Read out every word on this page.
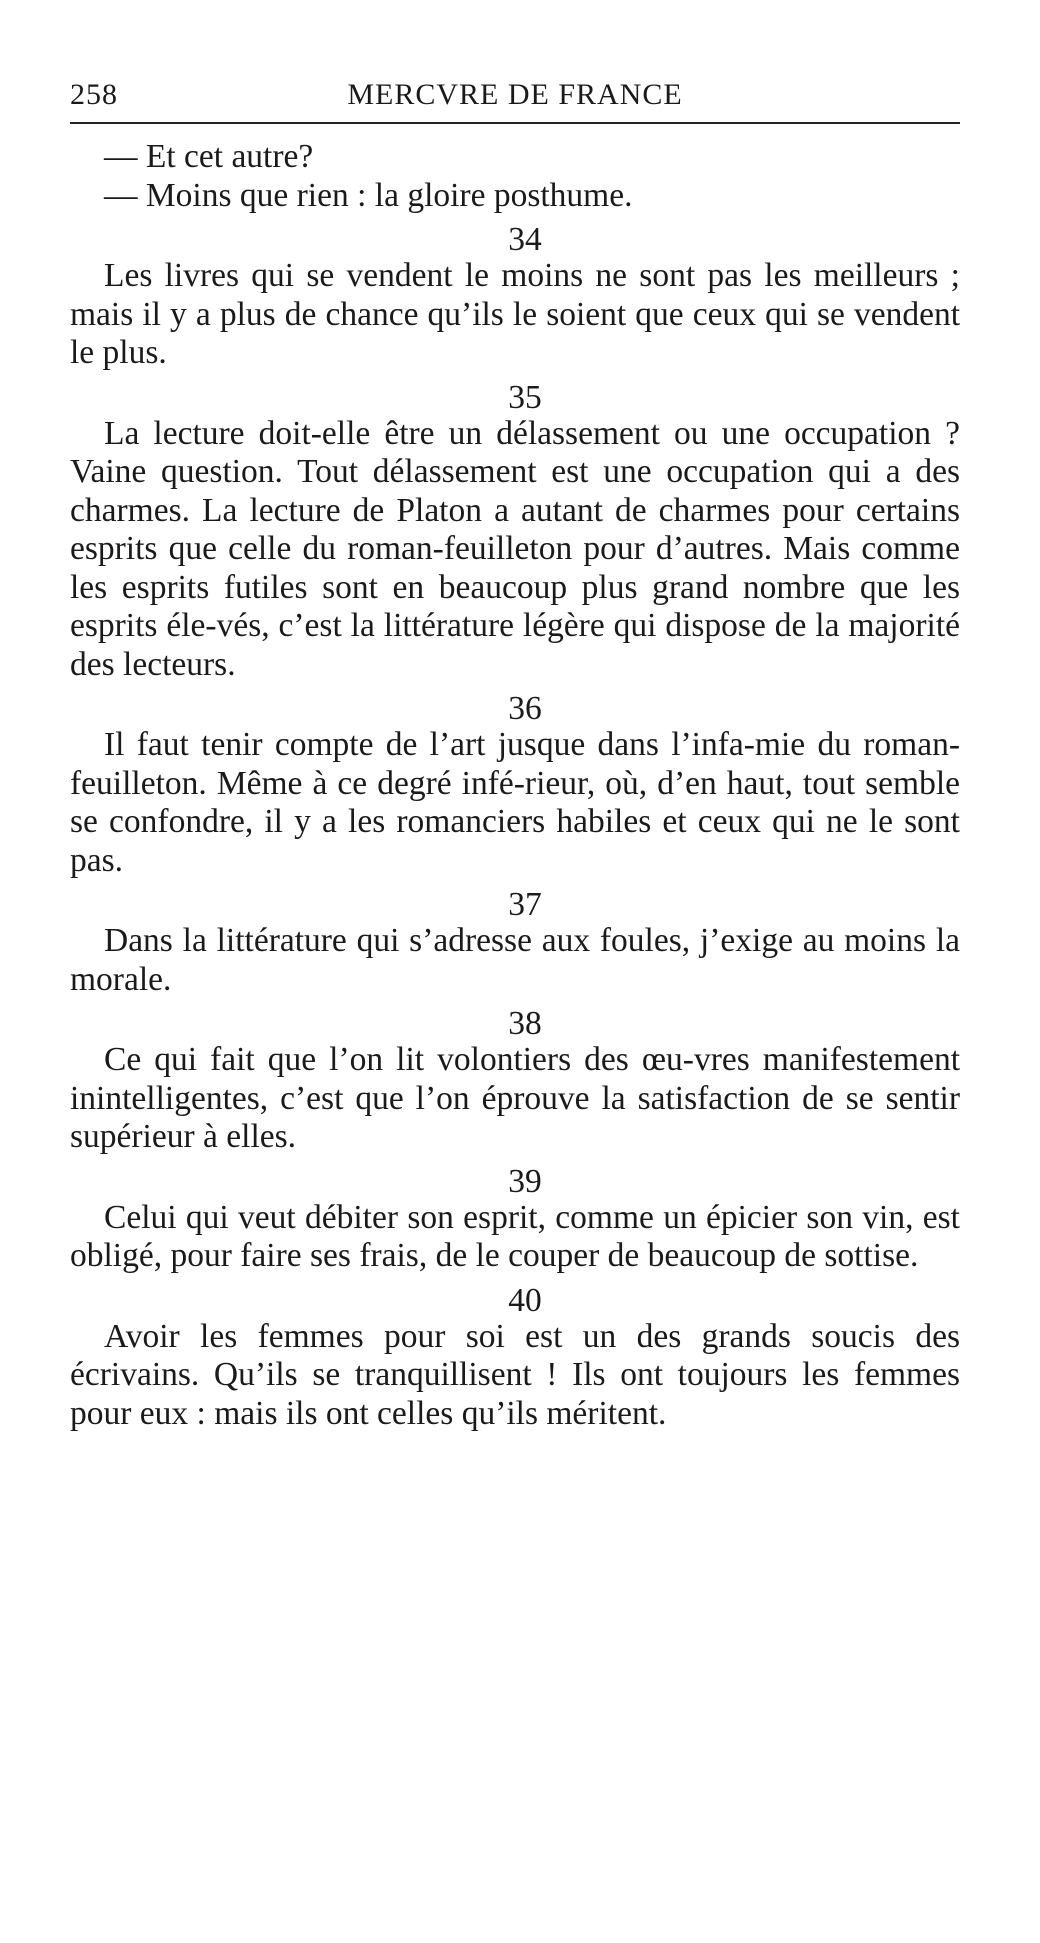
258	MERCVRE DE FRANCE

— Et cet autre?

— Moins que rien : la gloire posthume.

34

Les livres qui se vendent le moins ne sont pas les meilleurs ; mais il y a plus de chance qu’ils le soient que ceux qui se vendent le plus.

35

La lecture doit-elle être un délassement ou une occupation ? Vaine question. Tout délassement est une occupation qui a des charmes. La lecture de Platon a autant de charmes pour certains esprits que celle du roman-feuilleton pour d’autres. Mais comme les esprits futiles sont en beaucoup plus grand nombre que les esprits éle-vés, c’est la littérature légère qui dispose de la majorité des lecteurs.

36

Il faut tenir compte de l’art jusque dans l’infa-mie du roman-feuilleton. Même à ce degré infé-rieur, où, d’en haut, tout semble se confondre, il y a les romanciers habiles et ceux qui ne le sont pas.

37

Dans la littérature qui s’adresse aux foules, j’exige au moins la morale.

38

Ce qui fait que l’on lit volontiers des œu-vres manifestement inintelligentes, c’est que l’on éprouve la satisfaction de se sentir supérieur à elles.

39

Celui qui veut débiter son esprit, comme un épicier son vin, est obligé, pour faire ses frais, de le couper de beaucoup de sottise.

40

Avoir les femmes pour soi est un des grands soucis des écrivains. Qu’ils se tranquillisent ! Ils ont toujours les femmes pour eux : mais ils ont celles qu’ils méritent.
